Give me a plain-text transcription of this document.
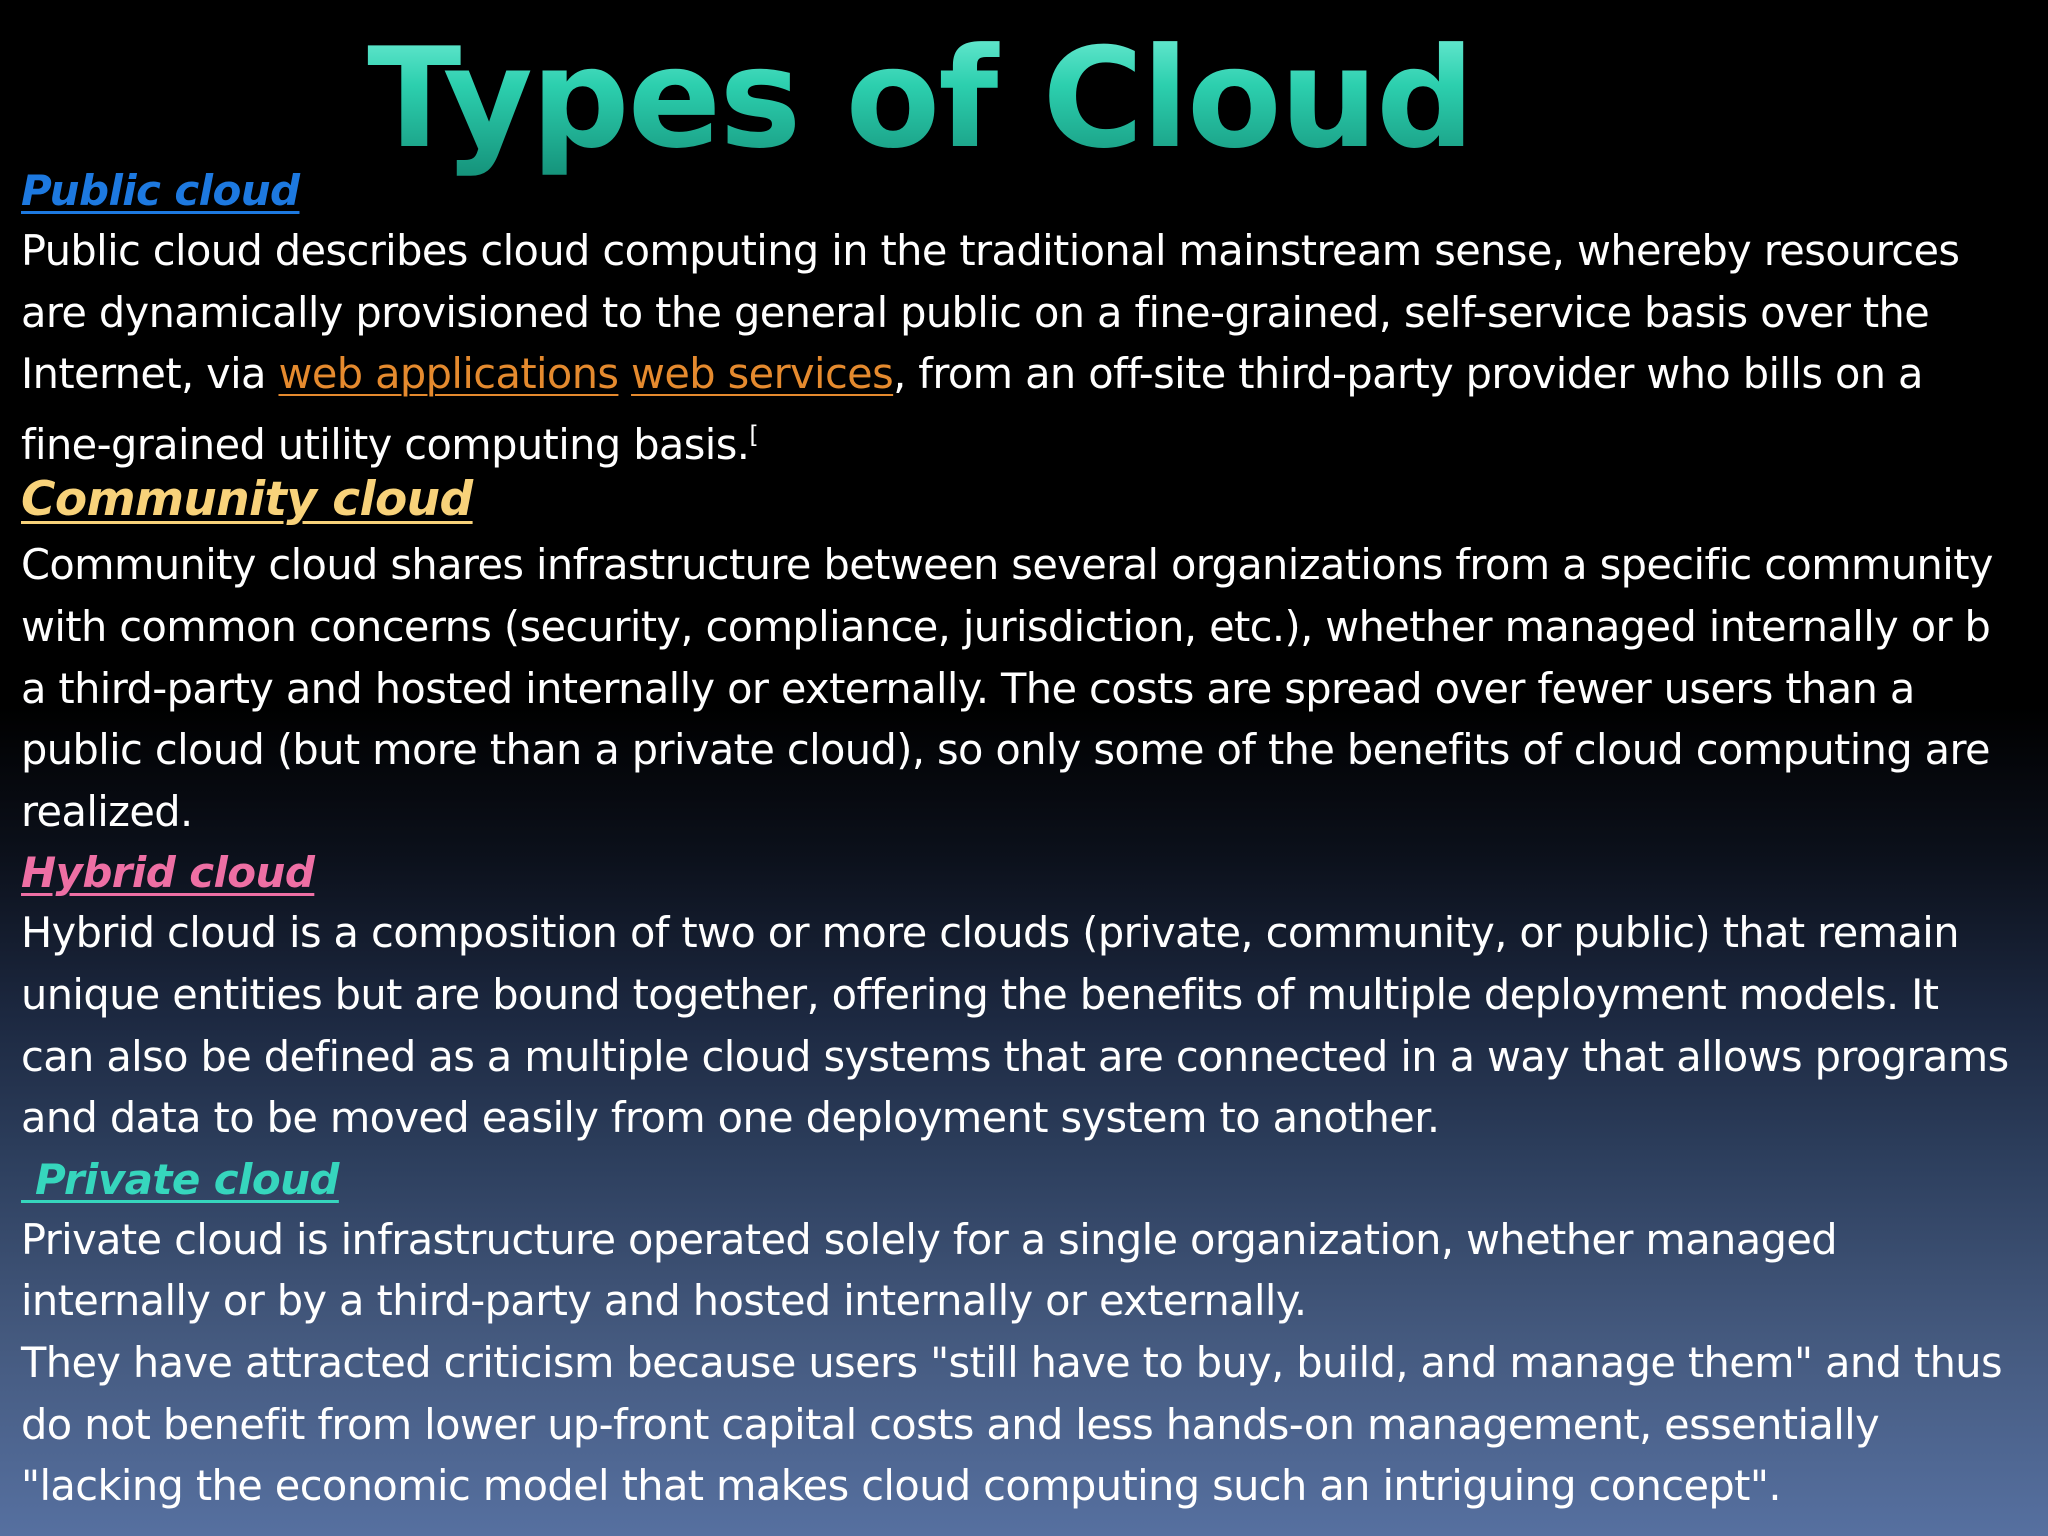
Types of Cloud
Public cloud
Public cloud describes cloud computing in the traditional mainstream sense, whereby resources
are dynamically provisioned to the general public on a fine-grained, self-service basis over the
Internet, via web applications web services, from an off-site third-party provider who bills on a
fine-grained utility computing basis.[
Community cloud
Community cloud shares infrastructure between several organizations from a specific community
with common concerns (security, compliance, jurisdiction, etc.), whether managed internally or b
a third-party and hosted internally or externally. The costs are spread over fewer users than a
public cloud (but more than a private cloud), so only some of the benefits of cloud computing are
realized.
Hybrid cloud
Hybrid cloud is a composition of two or more clouds (private, community, or public) that remain
unique entities but are bound together, offering the benefits of multiple deployment models. It
can also be defined as a multiple cloud systems that are connected in a way that allows programs
and data to be moved easily from one deployment system to another.
Private cloud
Private cloud is infrastructure operated solely for a single organization, whether managed
internally or by a third-party and hosted internally or externally.
They have attracted criticism because users "still have to buy, build, and manage them" and thus
do not benefit from lower up-front capital costs and less hands-on management, essentially
"lacking the economic model that makes cloud computing such an intriguing concept".
